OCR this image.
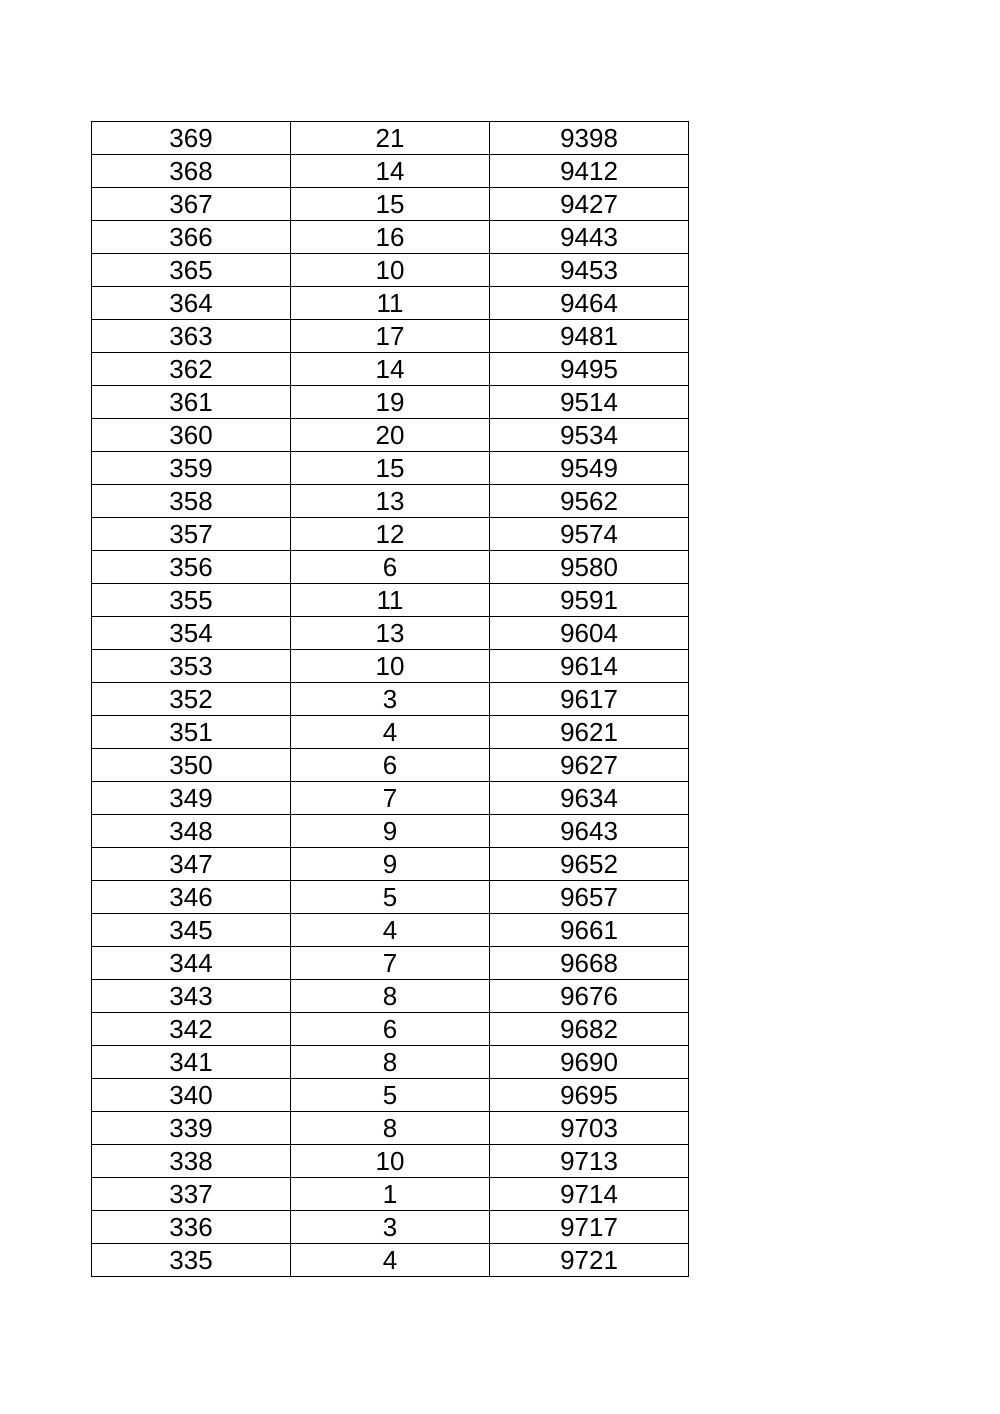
369	21	9398
368	14	9412
367	15	9427
366	16	9443
365	10	9453
364	11	9464
363	17	9481
362	14	9495
361	19	9514
360	20	9534
359	15	9549
358	13	9562
357	12	9574
356	6	9580
355	11	9591
354	13	9604
353	10	9614
352	3	9617
351	4	9621
350	6	9627
349	7	9634
348	9	9643
347	9	9652
346	5	9657
345	4	9661
344	7	9668
343	8	9676
342	6	9682
341	8	9690
340	5	9695
339	8	9703
338	10	9713
337	1	9714
336	3	9717
335	4	9721
